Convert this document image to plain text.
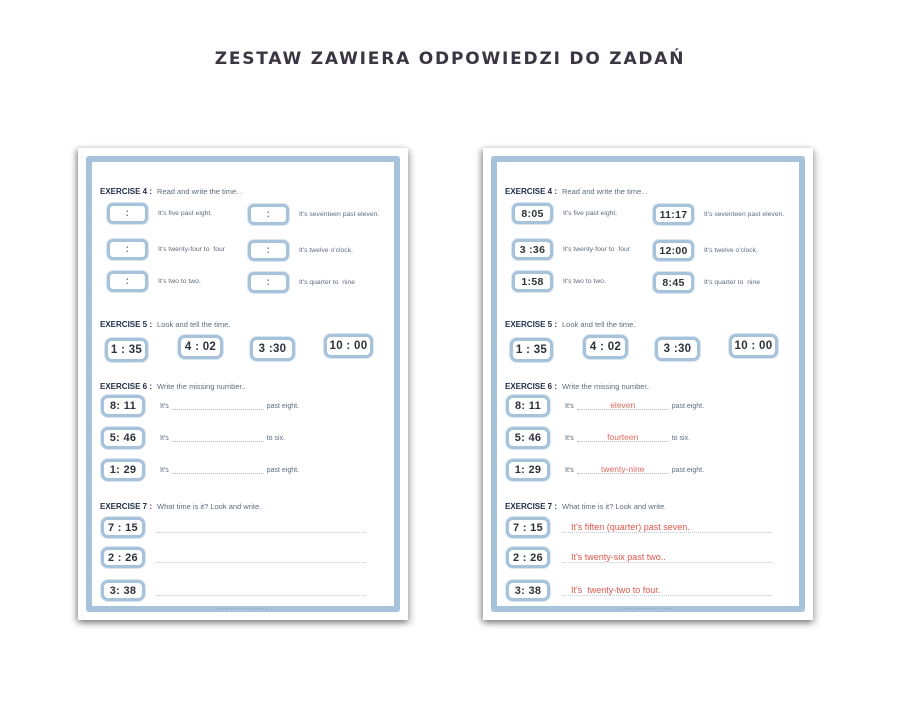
ZESTAW ZAWIERA ODPOWIEDZI DO ZADAŃ
EXERCISE 4 : Read and write the time. .
:	It's five past eight.	:	It's seventeen past eleven.
:	It's twenty-four to  four	:	It's twelve o'clock.
:	It's two to two.	:	It's quarter to  nine
EXERCISE 5 : Look and tell the time.
1 : 35	4 : 02	3 :30	10 : 00
EXERCISE 6 : Write the missing number..
8: 11	It's	past eight.
5: 46	It's	to six.
1: 29	It's	past eight.
EXERCISE 7 : What time is it? Look and write.
7 : 15
2 : 26
3: 38
···· ········· ····
EXERCISE 4 : Read and write the time. .
8:05	It's five past eight.	11:17	It's seventeen past eleven.
3 :36	It's twenty-four to  four	12:00	It's twelve o'clock.
1:58	It's two to two.	8:45	It's quarter to  nine
EXERCISE 5 : Look and tell the time.
1 : 35	4 : 02	3 :30	10 : 00
EXERCISE 6 : Write the missing number..
8: 11	It's	eleven	past eight.
5: 46	It's	fourteen	to six.
1: 29	It's	twenty-nine	past eight.
EXERCISE 7 : What time is it? Look and write.
7 : 15	It's fiften (quarter) past seven.
2 : 26	It's twenty-six past two..
3: 38	It's  twenty-two to four.
···· ········· ····
